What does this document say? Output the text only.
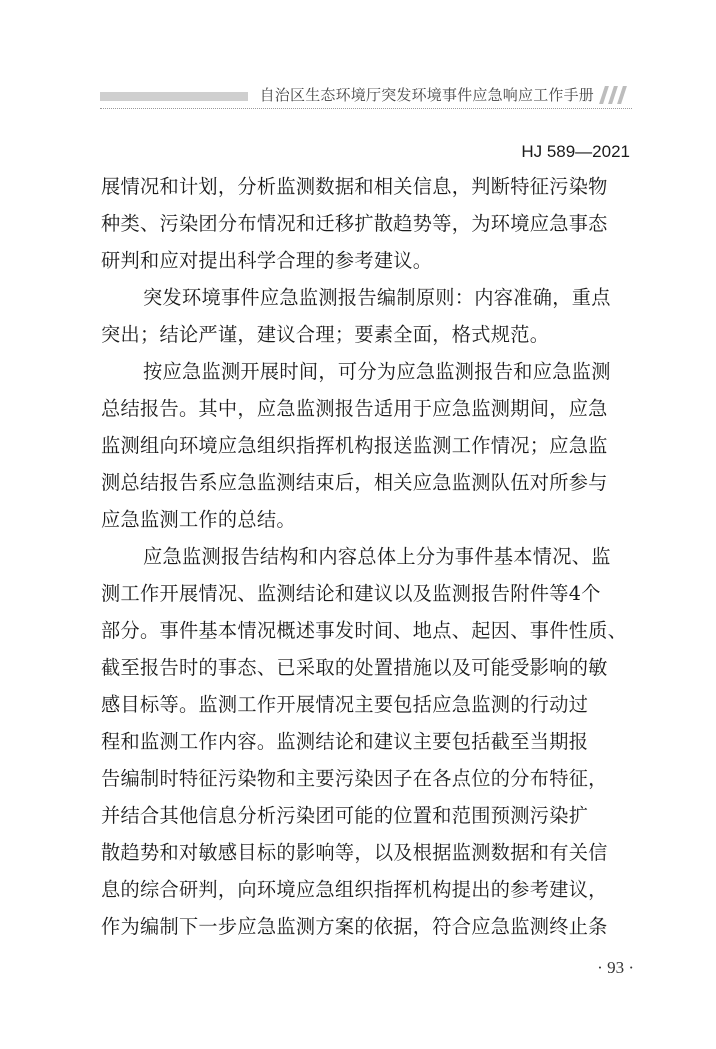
自治区生态环境厅突发环境事件应急响应工作手册
HJ 589—2021
展情况和计划，分析监测数据和相关信息，判断特征污染物
种类、污染团分布情况和迁移扩散趋势等，为环境应急事态
研判和应对提出科学合理的参考建议。
突发环境事件应急监测报告编制原则：内容准确，重点
突出；结论严谨，建议合理；要素全面，格式规范。
按应急监测开展时间，可分为应急监测报告和应急监测
总结报告。其中，应急监测报告适用于应急监测期间，应急
监测组向环境应急组织指挥机构报送监测工作情况；应急监
测总结报告系应急监测结束后，相关应急监测队伍对所参与
应急监测工作的总结。
应急监测报告结构和内容总体上分为事件基本情况、监
测工作开展情况、监测结论和建议以及监测报告附件等4个
部分。事件基本情况概述事发时间、地点、起因、事件性质、
截至报告时的事态、已采取的处置措施以及可能受影响的敏
感目标等。监测工作开展情况主要包括应急监测的行动过
程和监测工作内容。监测结论和建议主要包括截至当期报
告编制时特征污染物和主要污染因子在各点位的分布特征，
并结合其他信息分析污染团可能的位置和范围预测污染扩
散趋势和对敏感目标的影响等，以及根据监测数据和有关信
息的综合研判，向环境应急组织指挥机构提出的参考建议，
作为编制下一步应急监测方案的依据，符合应急监测终止条
· 93 ·
